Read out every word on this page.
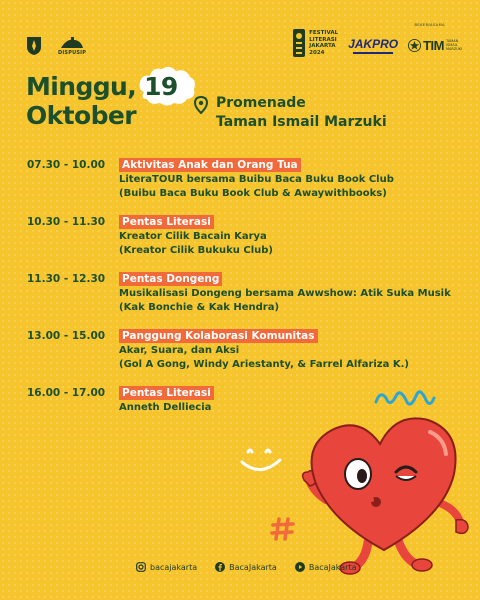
DISPUSIP
BEKERJASAMA
FESTIVAL
LITERASI
JAKARTA
2024
JAKPRO TIM TAMAN ISMAIL MARZUKI
Minggu, 19
Oktober	Promenade
Taman Ismail Marzuki
07.30 - 10.00	Aktivitas Anak dan Orang Tua
LiteraTOUR bersama Buibu Baca Buku Book Club
(Buibu Baca Buku Book Club & Awaywithbooks)
10.30 - 11.30	Pentas Literasi
Kreator Cilik Bacain Karya
(Kreator Cilik Bukuku Club)
11.30 - 12.30	Pentas Dongeng
Musikalisasi Dongeng bersama Awwshow: Atik Suka Musik
(Kak Bonchie & Kak Hendra)
13.00 - 15.00	Panggung Kolaborasi Komunitas
Akar, Suara, dan Aksi
(Gol A Gong, Windy Ariestanty, & Farrel Alfariza K.)
16.00 - 17.00	Pentas Literasi
Anneth Delliecia
bacajakarta	BacaJakarta	BacaJakarta
